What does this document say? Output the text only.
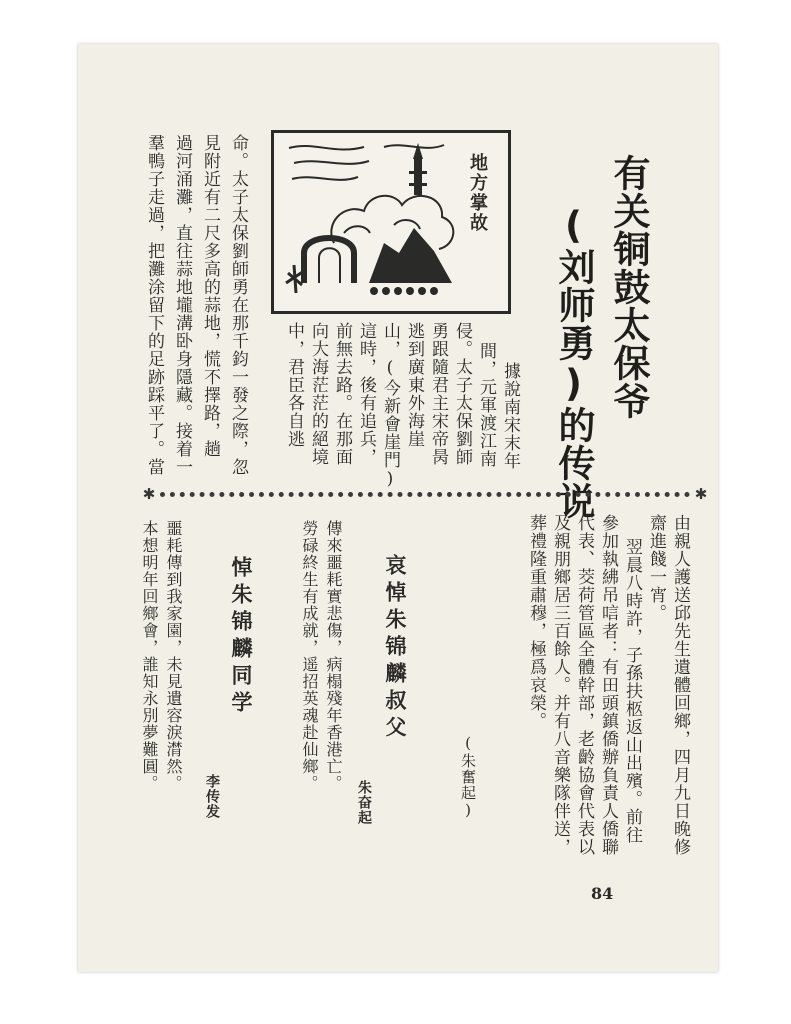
有关铜鼓太保爷
(刘师勇)的传说
地方掌故
據說南宋末年
間，元軍渡江南
侵。太子太保劉師
勇跟隨君主宋帝昺
逃到廣東外海崖
山，(今新會崖門)
這時，後有追兵，
前無去路。在那面
向大海茫茫的絕境
中，君臣各自逃
命。太子太保劉師勇在那千鈞一發之際，忽
見附近有二尺多高的蒜地，慌不擇路，趟
過河涌灘，直往蒜地壠溝卧身隱藏。接着一
羣鴨子走過，把灘涂留下的足跡踩平了。當
✱	✱
由親人護送邱先生遺體回鄉，四月九日晚修
齋進餞一宵。
翌晨八時許，子孫扶柩返山出殯。前往
參加執紼吊唁者：有田頭鎮僑辦負責人僑聯
代表、茭荷管區全體幹部，老齡協會代表以
及親朋鄉居三百餘人。并有八音樂隊伴送，
葬禮隆重肅穆，極爲哀榮。
(朱奮起)
哀悼朱锦麟叔父
朱奋起
傳來噩耗實悲傷，病榻殘年香港亡。
勞碌終生有成就，遥招英魂赴仙鄉。
悼朱锦麟同学
李传发
噩耗傳到我家園，未見遺容淚潸然。
本想明年回鄉會，誰知永別夢難圓。
84
